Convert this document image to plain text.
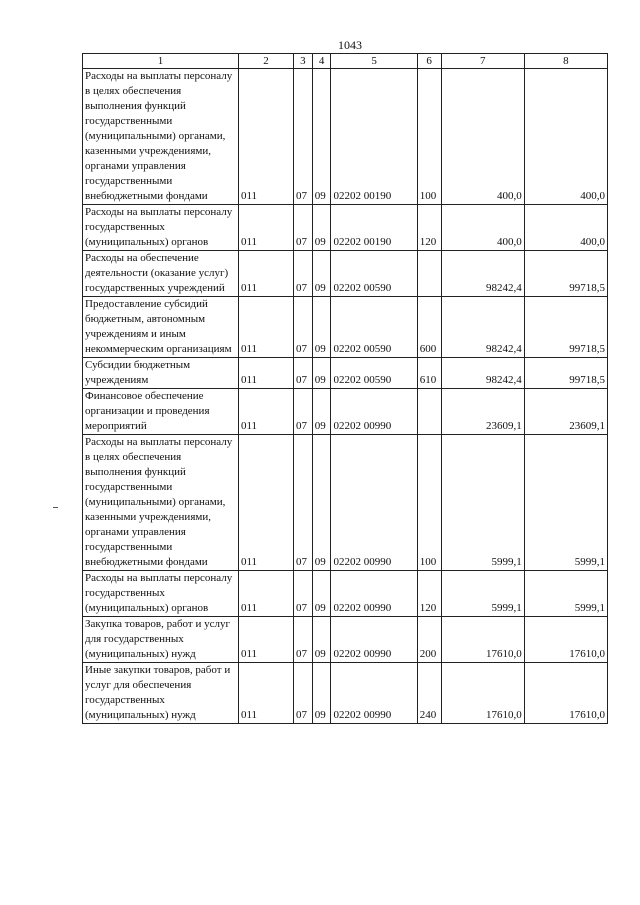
1043
1	2	3	4	5	6	7	8
Расходы на выплаты персоналу в целях обеспечения выполнения функций государственными (муниципальными) органами, казенными учреждениями, органами управления государственными внебюджетными фондами	011	07	09	02202 00190	100	400,0	400,0
Расходы на выплаты персоналу государственных (муниципальных) органов	011	07	09	02202 00190	120	400,0	400,0
Расходы на обеспечение деятельности (оказание услуг) государственных учреждений	011	07	09	02202 00590		98242,4	99718,5
Предоставление субсидий бюджетным, автономным учреждениям и иным некоммерческим организациям	011	07	09	02202 00590	600	98242,4	99718,5
Субсидии бюджетным учреждениям	011	07	09	02202 00590	610	98242,4	99718,5
Финансовое обеспечение организации и проведения мероприятий	011	07	09	02202 00990		23609,1	23609,1
Расходы на выплаты персоналу в целях обеспечения выполнения функций государственными (муниципальными) органами, казенными учреждениями, органами управления государственными внебюджетными фондами	011	07	09	02202 00990	100	5999,1	5999,1
Расходы на выплаты персоналу государственных (муниципальных) органов	011	07	09	02202 00990	120	5999,1	5999,1
Закупка товаров, работ и услуг для государственных (муниципальных) нужд	011	07	09	02202 00990	200	17610,0	17610,0
Иные закупки товаров, работ и услуг для обеспечения государственных (муниципальных) нужд	011	07	09	02202 00990	240	17610,0	17610,0
